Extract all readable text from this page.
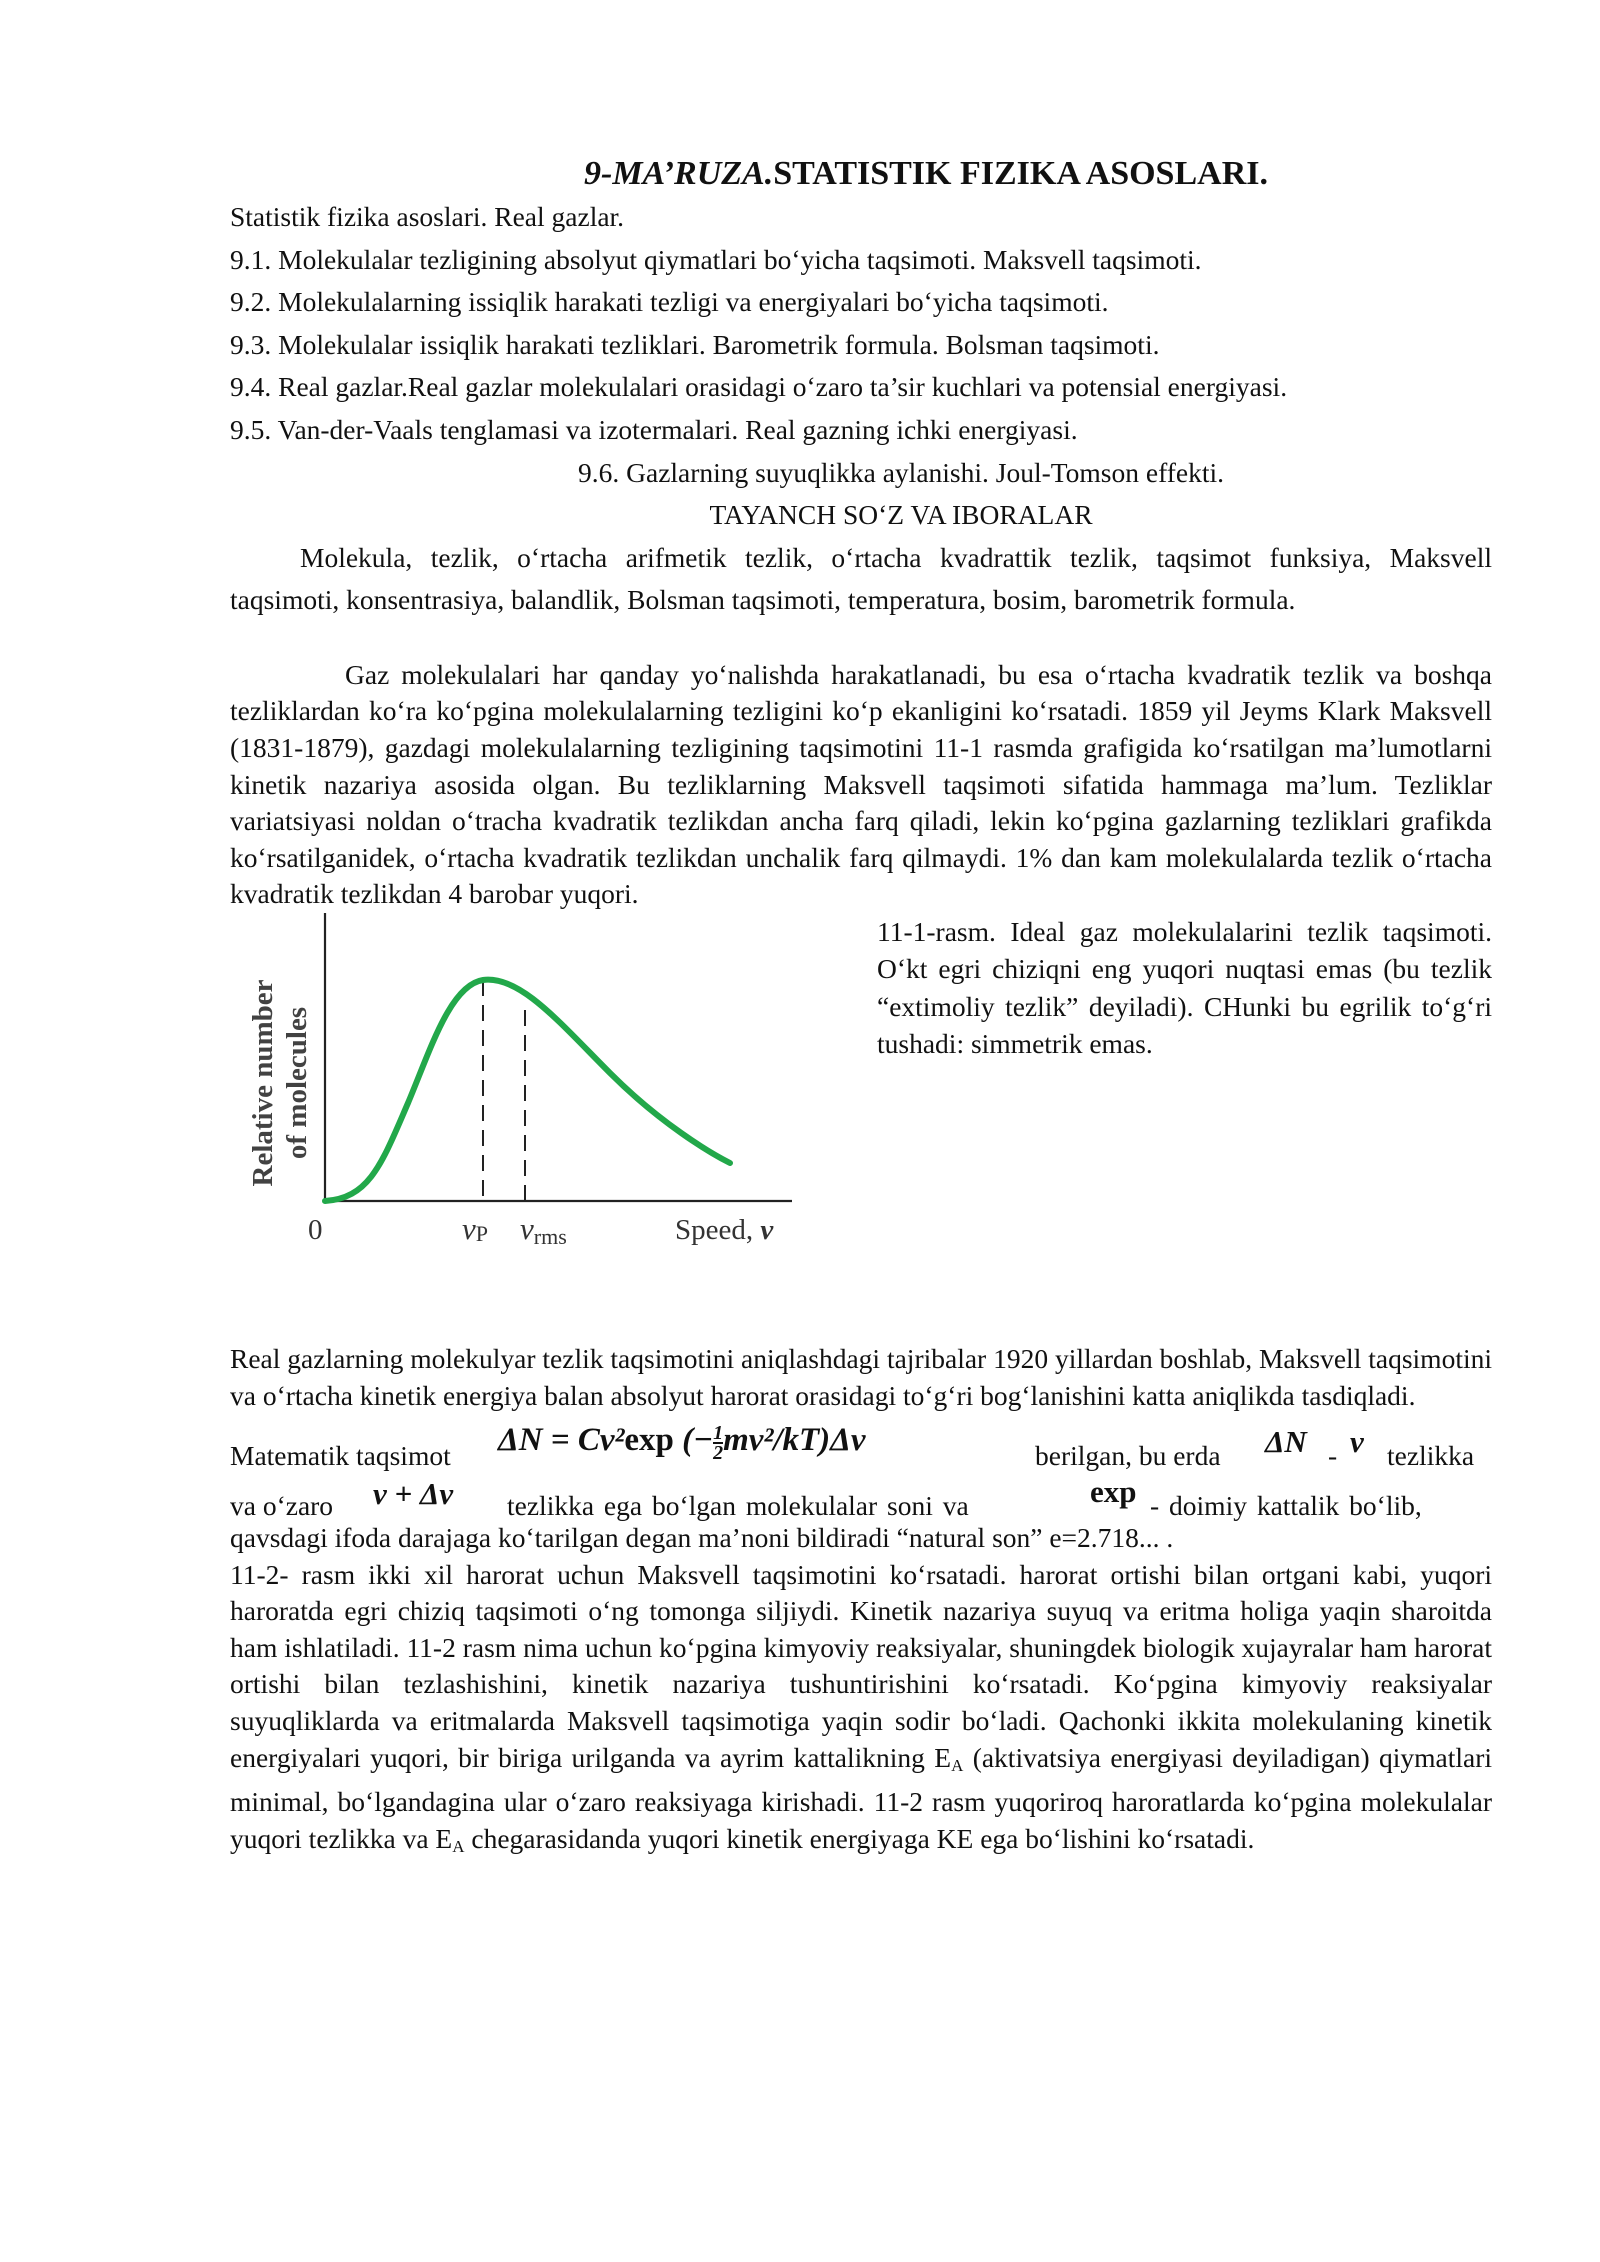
9-MA’RUZA.STATISTIK FIZIKA ASOSLARI.

Statistik fizika asoslari. Real gazlar.

9.1. Molekulalar tezligining absolyut qiymatlari bo‘yicha taqsimoti. Maksvell taqsimoti.

9.2. Molekulalarning issiqlik harakati tezligi va energiyalari bo‘yicha taqsimoti.

9.3. Molekulalar issiqlik harakati tezliklari. Barometrik formula. Bolsman taqsimoti.

9.4. Real gazlar.Real gazlar molekulalari orasidagi o‘zaro ta’sir kuchlari va potensial energiyasi.

9.5. Van-der-Vaals tenglamasi va izotermalari. Real gazning ichki energiyasi.

9.6. Gazlarning suyuqlikka aylanishi. Joul-Tomson effekti.

TAYANCH SO‘Z VA IBORALAR

Molekula, tezlik, o‘rtacha arifmetik tezlik, o‘rtacha kvadrattik tezlik, taqsimot funksiya, Maksvell taqsimoti, konsentrasiya, balandlik, Bolsman taqsimoti, temperatura, bosim, barometrik formula.

Gaz molekulalari har qanday yo‘nalishda harakatlanadi, bu esa o‘rtacha kvadratik tezlik va boshqa tezliklardan ko‘ra ko‘pgina molekulalarning tezligini ko‘p ekanligini ko‘rsatadi. 1859 yil Jeyms Klark Maksvell (1831-1879), gazdagi molekulalarning tezligining taqsimotini 11-1 rasmda grafigida ko‘rsatilgan ma’lumotlarni kinetik nazariya asosida olgan. Bu tezliklarning Maksvell taqsimoti sifatida hammaga ma’lum. Tezliklar variatsiyasi noldan o‘tracha kvadratik tezlikdan ancha farq qiladi, lekin ko‘pgina gazlarning tezliklari grafikda ko‘rsatilganidek, o‘rtacha kvadratik tezlikdan unchalik farq qilmaydi. 1% dan kam molekulalarda tezlik o‘rtacha kvadratik tezlikdan 4 barobar yuqori.

Relative number of molecules
0	vP vrms	Speed, v

11-1-rasm. Ideal gaz molekulalarini tezlik taqsimoti. O‘kt egri chiziqni eng yuqori nuqtasi emas (bu tezlik “extimoliy tezlik” deyiladi). CHunki bu egrilik to‘g‘ri tushadi: simmetrik emas.

Real gazlarning molekulyar tezlik taqsimotini aniqlashdagi tajribalar 1920 yillardan boshlab, Maksvell taqsimotini va o‘rtacha kinetik energiya balan absolyut harorat orasidagi to‘g‘ri bog‘lanishini katta aniqlikda tasdiqladi.

Matematik taqsimot ΔN = Cv²exp (− $\frac{1}{2} mv^2/kT)\Delta v$	berilgan, bu erda ΔN - v tezlikka
va o‘zaro v + Δv tezlikka ega bo‘lgan molekulalar soni va	exp - doimiy kattalik bo‘lib,

qavsdagi ifoda darajaga ko‘tarilgan degan ma’noni bildiradi “natural son” e=2.718... .

11-2- rasm ikki xil harorat uchun Maksvell taqsimotini ko‘rsatadi. harorat ortishi bilan ortgani kabi, yuqori haroratda egri chiziq taqsimoti o‘ng tomonga siljiydi. Kinetik nazariya suyuq va eritma holiga yaqin sharoitda ham ishlatiladi. 11-2 rasm nima uchun ko‘pgina kimyoviy reaksiyalar, shuningdek biologik xujayralar ham harorat ortishi bilan tezlashishini, kinetik nazariya tushuntirishini ko‘rsatadi. Ko‘pgina kimyoviy reaksiyalar suyuqliklarda va eritmalarda Maksvell taqsimotiga yaqin sodir bo‘ladi. Qachonki ikkita molekulaning kinetik energiyalari yuqori, bir biriga urilganda va ayrim kattalikning $E_A$ (aktivatsiya energiyasi deyiladigan) qiymatlari minimal, bo‘lgandagina ular o‘zaro reaksiyaga kirishadi. 11-2 rasm yuqoriroq haroratlarda ko‘pgina molekulalar yuqori tezlikka va $E_A$ chegarasidanda yuqori kinetik energiyaga KE ega bo‘lishini ko‘rsatadi.
